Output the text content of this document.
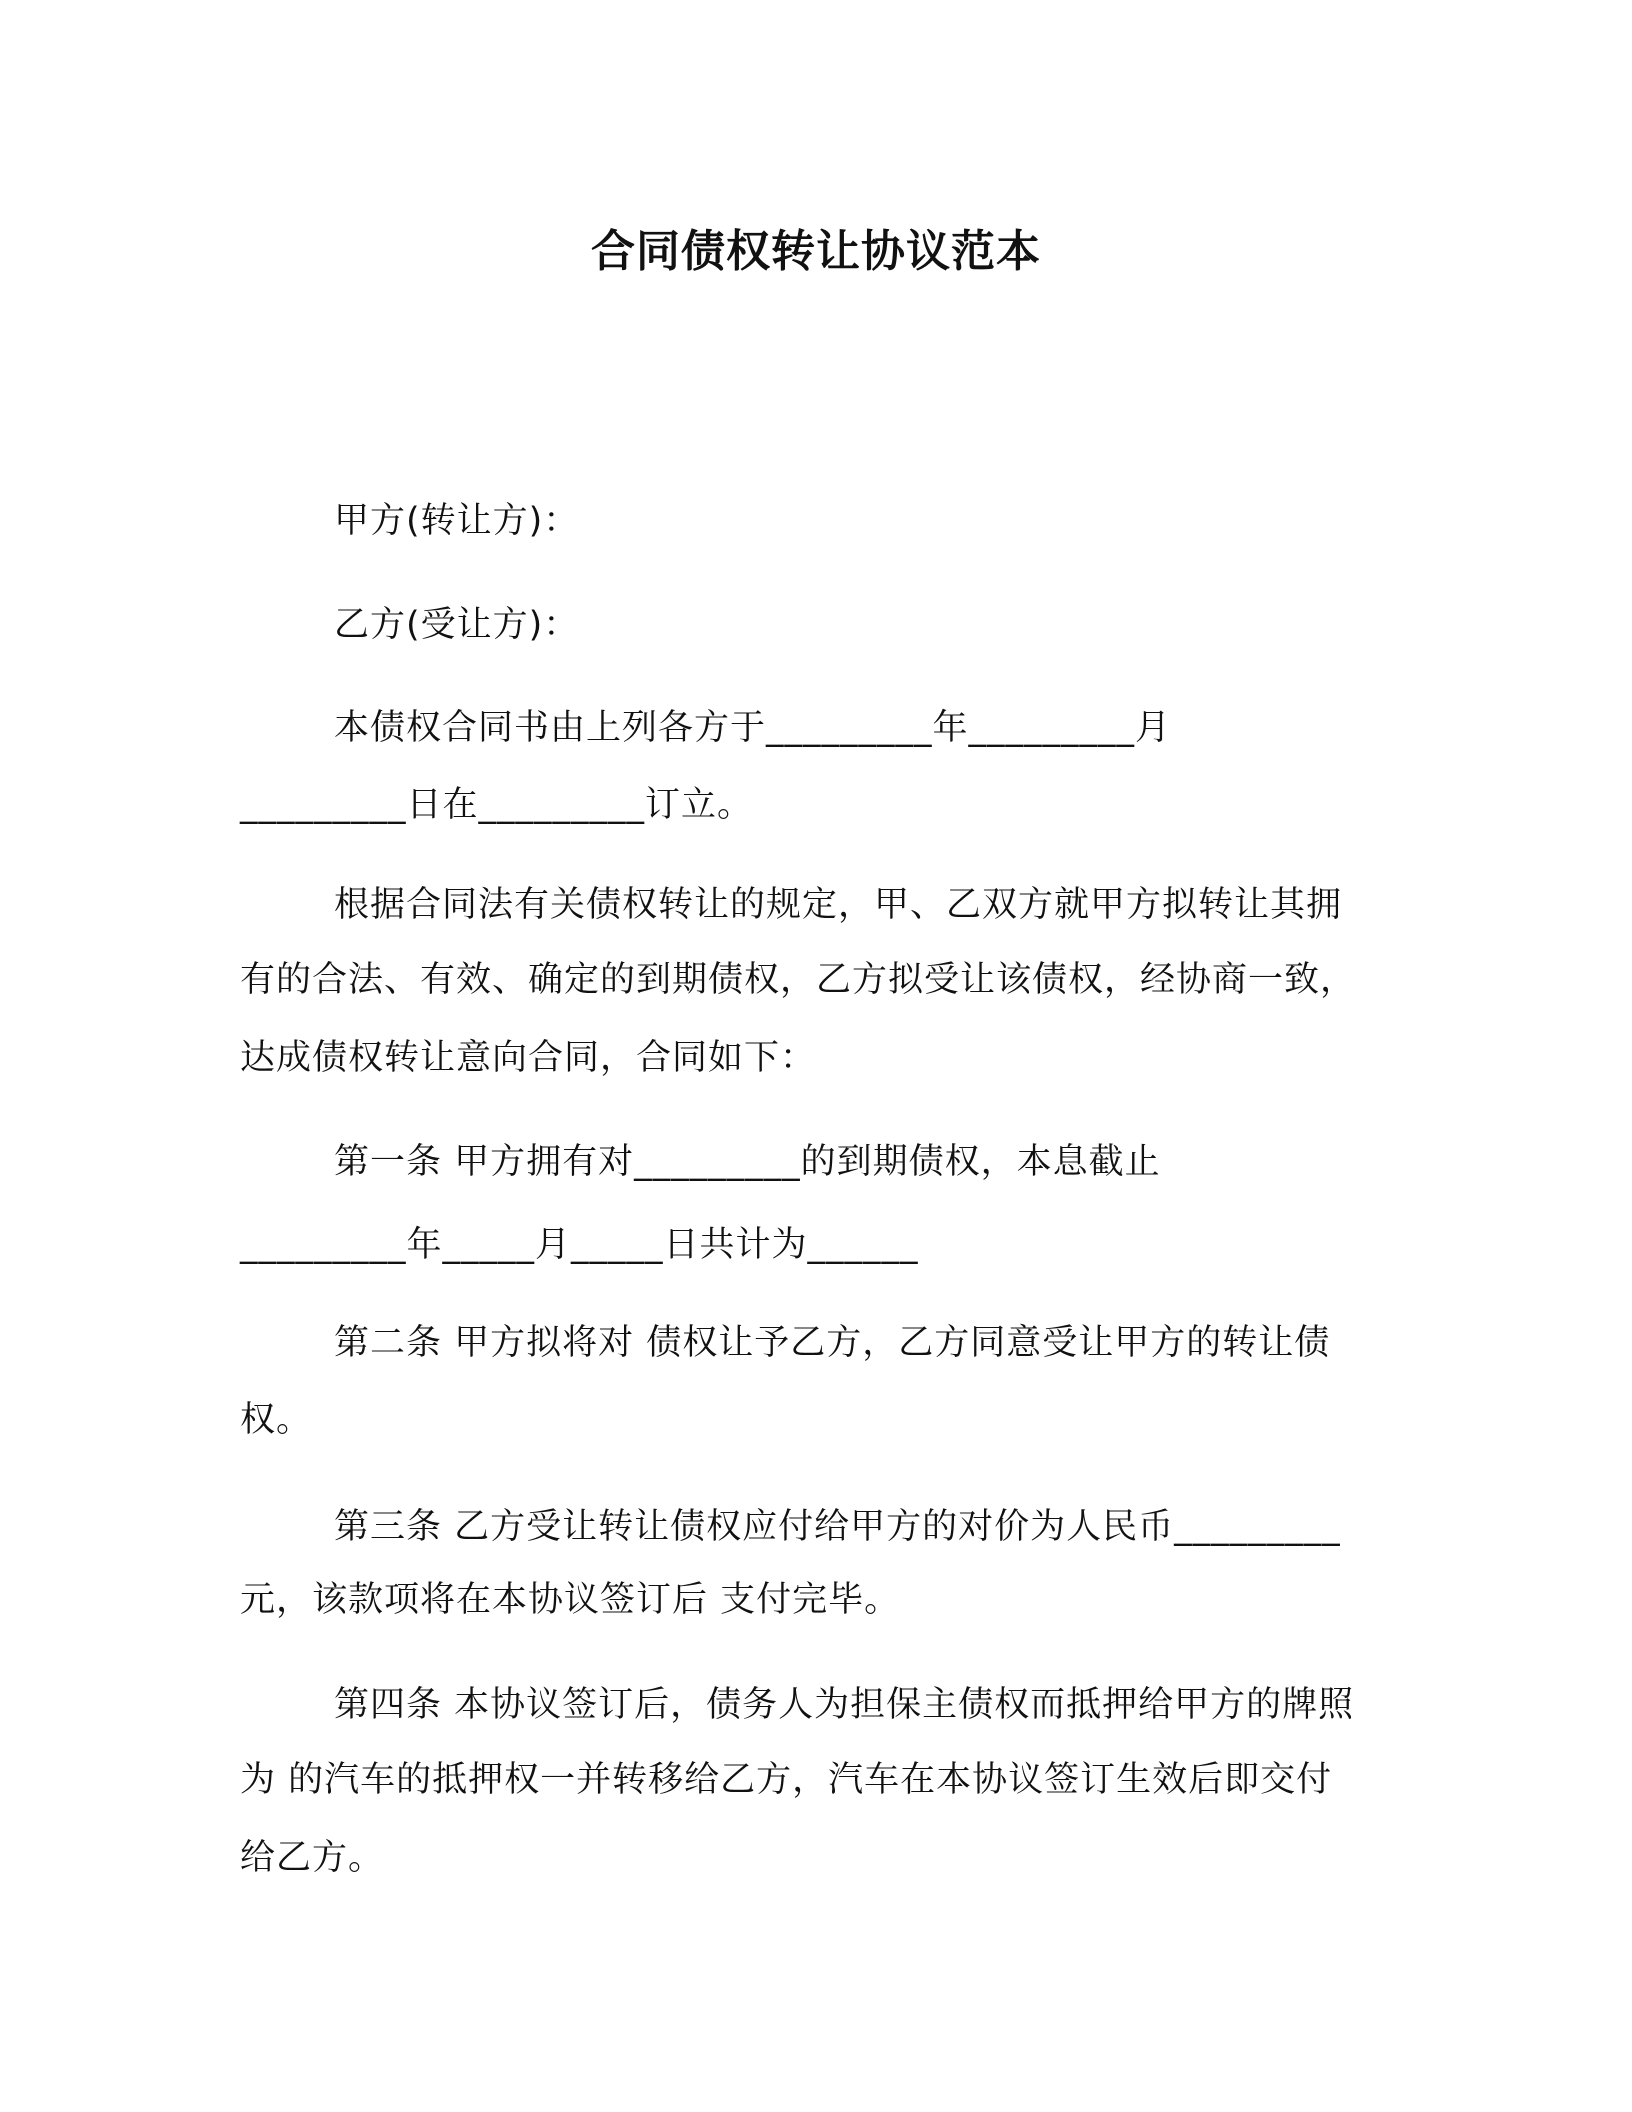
合同债权转让协议范本
甲方(转让方)：
乙方(受让方)：
本债权合同书由上列各方于_________年_________月
_________日在_________订立。
根据合同法有关债权转让的规定，甲、乙双方就甲方拟转让其拥
有的合法、有效、确定的到期债权，乙方拟受让该债权，经协商一致，
达成债权转让意向合同，合同如下：
第一条 甲方拥有对_________的到期债权，本息截止
_________年_____月_____日共计为______
第二条 甲方拟将对 债权让予乙方，乙方同意受让甲方的转让债
权。
第三条 乙方受让转让债权应付给甲方的对价为人民币_________
元，该款项将在本协议签订后 支付完毕。
第四条 本协议签订后，债务人为担保主债权而抵押给甲方的牌照
为 的汽车的抵押权一并转移给乙方，汽车在本协议签订生效后即交付
给乙方。
